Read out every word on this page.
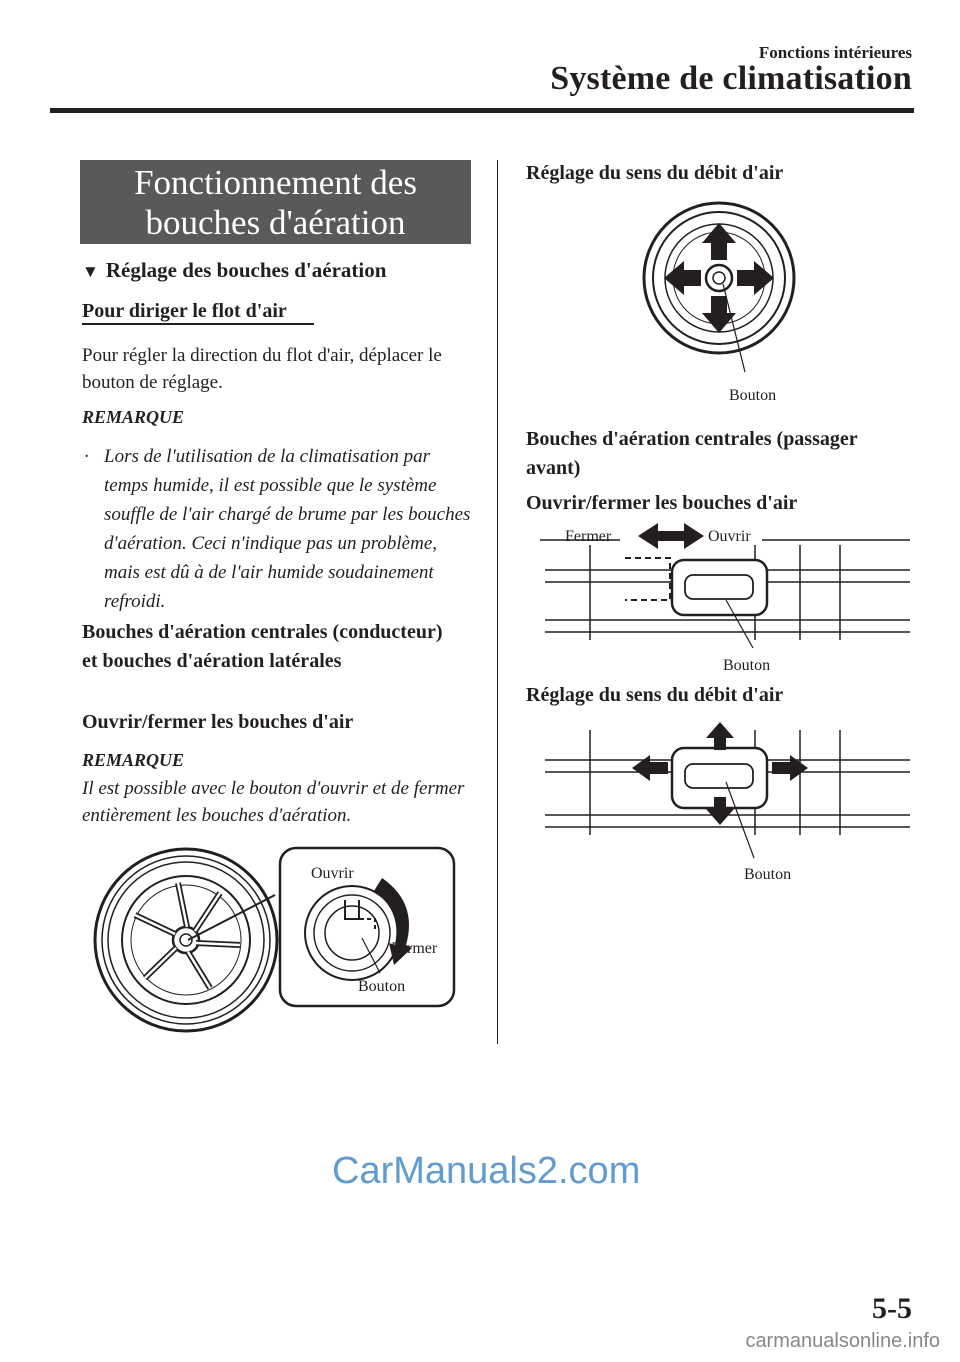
Fonctions intérieures
Système de climatisation
Fonctionnement des
bouches d'aération
▼ Réglage des bouches d'aération
Pour diriger le flot d'air
Pour régler la direction du flot d'air, déplacer le bouton de réglage.
REMARQUE
· Lors de l'utilisation de la climatisation par temps humide, il est possible que le système souffle de l'air chargé de brume par les bouches d'aération. Ceci n'indique pas un problème, mais est dû à de l'air humide soudainement refroidi.
Bouches d'aération centrales (conducteur) et bouches d'aération latérales
Ouvrir/fermer les bouches d'air
REMARQUE
Il est possible avec le bouton d'ouvrir et de fermer entièrement les bouches d'aération.
Ouvrir
Fermer
Bouton
Réglage du sens du débit d'air
Bouton
Bouches d'aération centrales (passager avant)
Ouvrir/fermer les bouches d'air
Fermer	Ouvrir
Bouton
Réglage du sens du débit d'air
Bouton
CarManuals2.com
5-5
carmanualsonline.info
